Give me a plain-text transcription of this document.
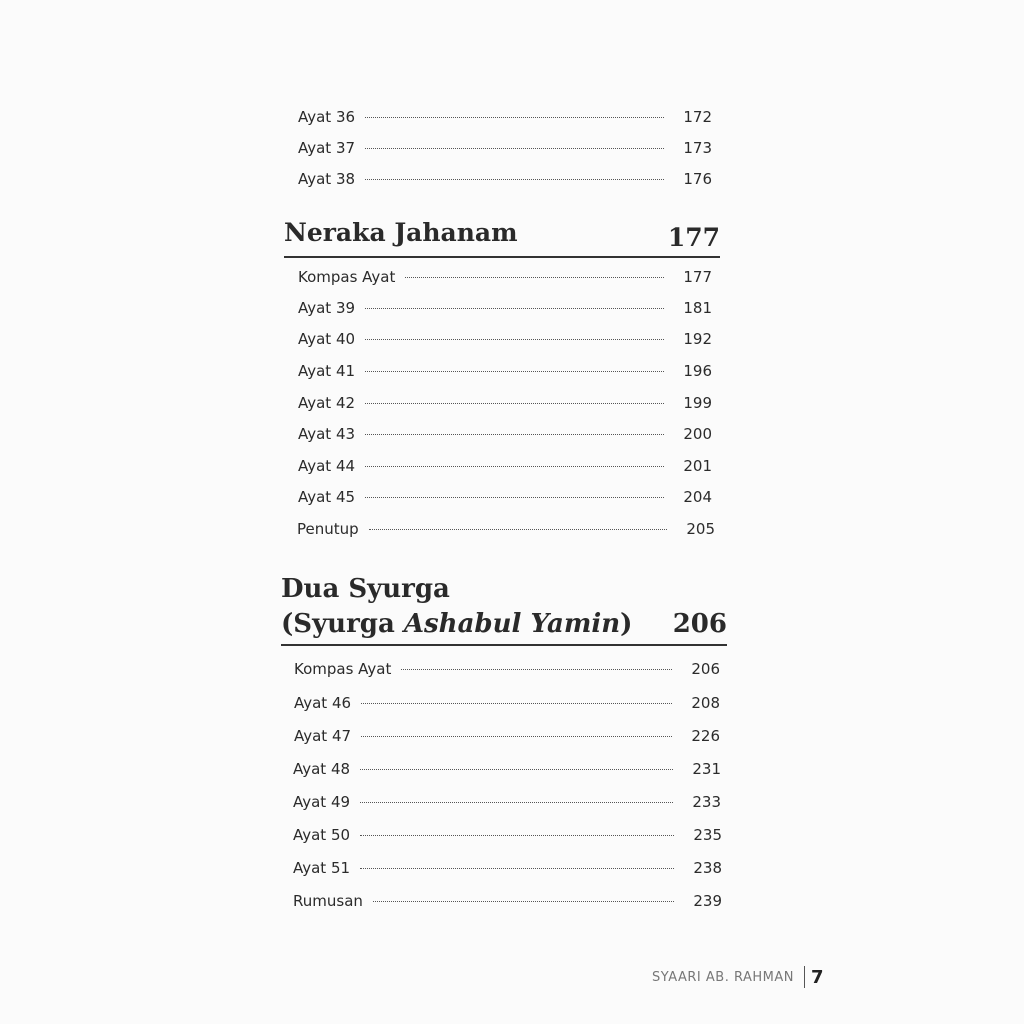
Ayat 36	172
Ayat 37	173
Ayat 38	176
Neraka Jahanam	177
Kompas Ayat	177
Ayat 39	181
Ayat 40	192
Ayat 41	196
Ayat 42	199
Ayat 43	200
Ayat 44	201
Ayat 45	204
Penutup	205
Dua Syurga
(Syurga Ashabul Yamin)	206
Kompas Ayat	206
Ayat 46	208
Ayat 47	226
Ayat 48	231
Ayat 49	233
Ayat 50	235
Ayat 51	238
Rumusan	239
SYAARI AB. RAHMAN 7
